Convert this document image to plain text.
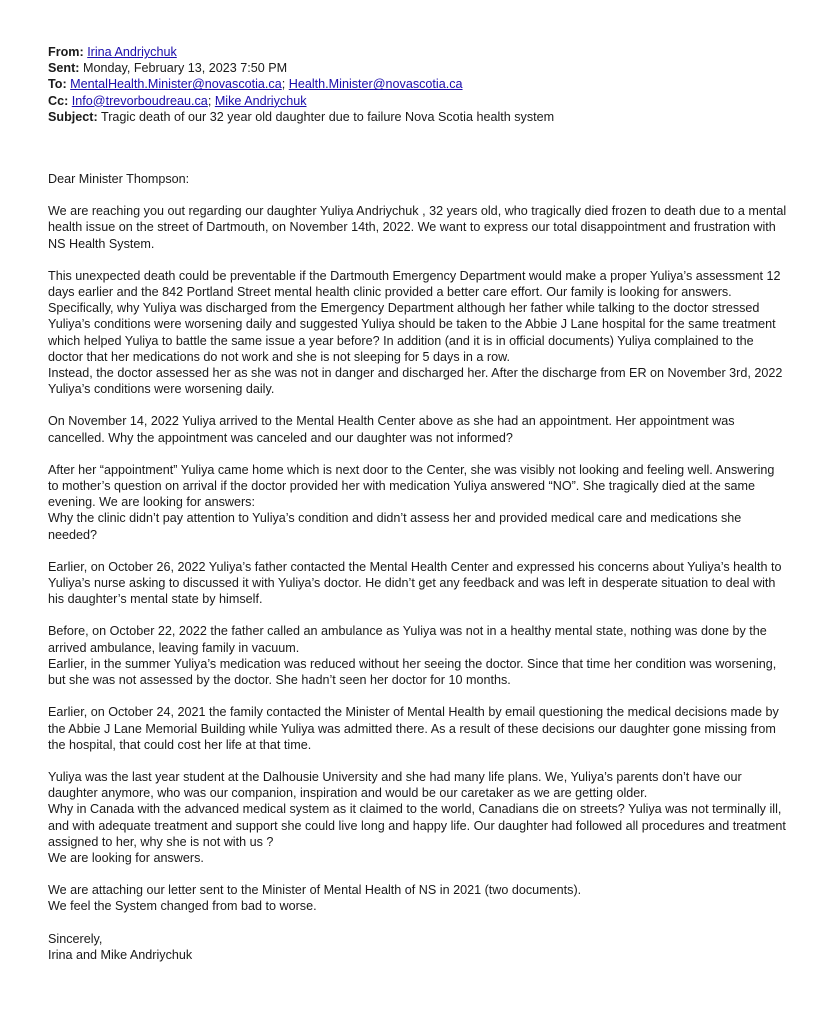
From: Irina Andriychuk
Sent: Monday, February 13, 2023 7:50 PM
To: MentalHealth.Minister@novascotia.ca; Health.Minister@novascotia.ca
Cc: Info@trevorboudreau.ca; Mike Andriychuk
Subject: Tragic death of our 32 year old daughter due to failure Nova Scotia health system
Dear Minister Thompson:

We are reaching you out regarding our daughter Yuliya Andriychuk , 32 years old, who tragically died frozen to death due to a mental health issue on the street of Dartmouth, on November 14th, 2022. We want to express our total disappointment and frustration with NS Health System.

This unexpected death could be preventable if the Dartmouth Emergency Department would make a proper Yuliya’s assessment 12 days earlier and the 842 Portland Street mental health clinic provided a better care effort. Our family is looking for answers. Specifically, why Yuliya was discharged from the Emergency Department although her father while talking to the doctor stressed Yuliya’s conditions were worsening daily and suggested Yuliya should be taken to the Abbie J Lane hospital for the same treatment which helped Yuliya to battle the same issue a year before? In addition (and it is in official documents) Yuliya complained to the doctor that her medications do not work and she is not sleeping for 5 days in a row.
Instead, the doctor assessed her as she was not in danger and discharged her. After the discharge from ER on November 3rd, 2022 Yuliya’s conditions were worsening daily.

On November 14, 2022 Yuliya arrived to the Mental Health Center above as she had an appointment. Her appointment was cancelled. Why the appointment was canceled and our daughter was not informed?

After her “appointment” Yuliya came home which is next door to the Center, she was visibly not looking and feeling well. Answering to mother’s question on arrival if the doctor provided her with medication Yuliya answered “NO”. She tragically died at the same evening. We are looking for answers:
Why the clinic didn’t pay attention to Yuliya’s condition and didn’t assess her and provided medical care and medications she needed?

Earlier, on October 26, 2022 Yuliya’s father contacted the Mental Health Center and expressed his concerns about Yuliya’s health to Yuliya’s nurse asking to discussed it with Yuliya’s doctor. He didn’t get any feedback and was left in desperate situation to deal with his daughter’s mental state by himself.

Before, on October 22, 2022 the father called an ambulance as Yuliya was not in a healthy mental state, nothing was done by the arrived ambulance, leaving family in vacuum.
Earlier, in the summer Yuliya’s medication was reduced without her seeing the doctor. Since that time her condition was worsening, but she was not assessed by the doctor. She hadn’t seen her doctor for 10 months.

Earlier, on October 24, 2021 the family contacted the Minister of Mental Health by email questioning the medical decisions made by the Abbie J Lane Memorial Building while Yuliya was admitted there. As a result of these decisions our daughter gone missing from the hospital, that could cost her life at that time.

Yuliya was the last year student at the Dalhousie University and she had many life plans. We, Yuliya’s parents don’t have our daughter anymore, who was our companion, inspiration and would be our caretaker as we are getting older.
Why in Canada with the advanced medical system as it claimed to the world, Canadians die on streets? Yuliya was not terminally ill, and with adequate treatment and support she could live long and happy life. Our daughter had followed all procedures and treatment assigned to her, why she is not with us ?
We are looking for answers.

We are attaching our letter sent to the Minister of Mental Health of NS in 2021 (two documents).
We feel the System changed from bad to worse.

Sincerely,
Irina and Mike Andriychuk
